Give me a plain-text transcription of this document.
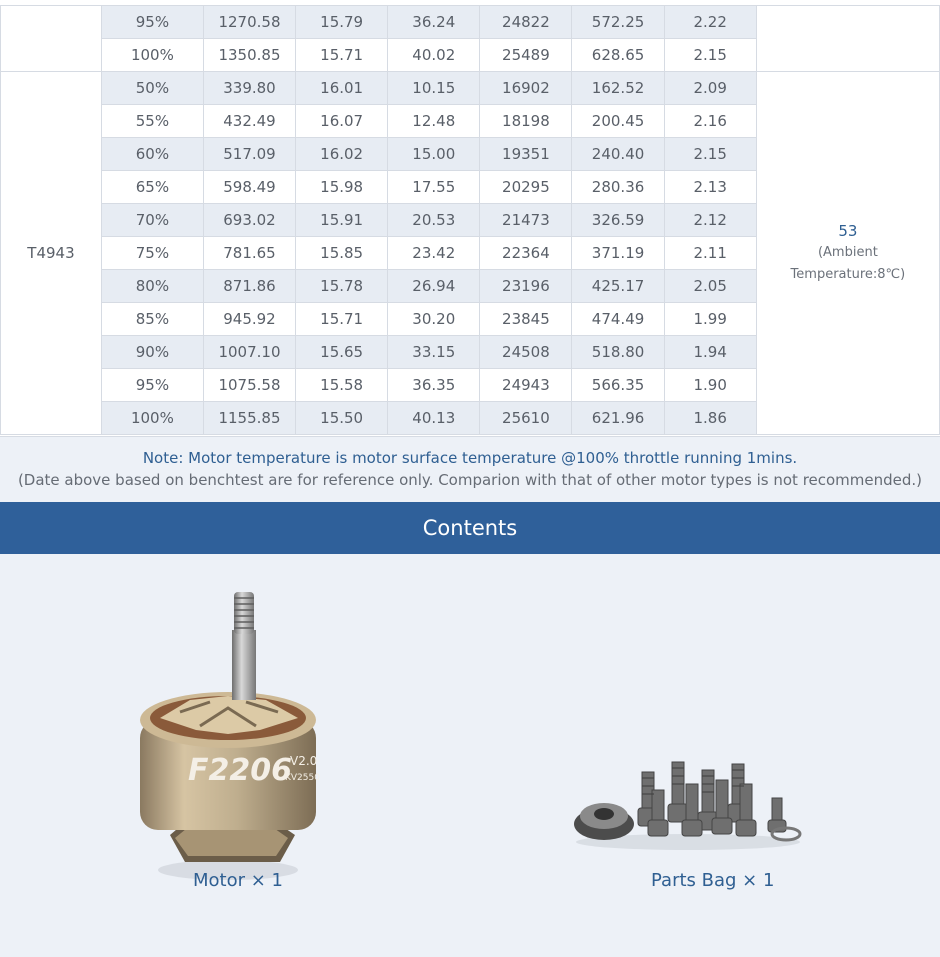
	95%	1270.58	15.79	36.24	24822	572.25	2.22	
	100%	1350.85	15.71	40.02	25489	628.65	2.15	
T4943	50%	339.80	16.01	10.15	16902	162.52	2.09	53
(Ambient
Temperature:8℃)

	55%	432.49	16.07	12.48	18198	200.45	2.16	
	60%	517.09	16.02	15.00	19351	240.40	2.15	
	65%	598.49	15.98	17.55	20295	280.36	2.13	
	70%	693.02	15.91	20.53	21473	326.59	2.12	
	75%	781.65	15.85	23.42	22364	371.19	2.11	
	80%	871.86	15.78	26.94	23196	425.17	2.05	
	85%	945.92	15.71	30.20	23845	474.49	1.99	
	90%	1007.10	15.65	33.15	24508	518.80	1.94	
	95%	1075.58	15.58	36.35	24943	566.35	1.90	
	100%	1155.85	15.50	40.13	25610	621.96	1.86	
Note: Motor temperature is motor surface temperature @100% throttle running 1mins.
(Date above based on benchtest are for reference only. Comparion with that of other motor types is not recommended.)
Contents
F2206
V2.0
KV2550
Motor × 1	Parts Bag × 1
